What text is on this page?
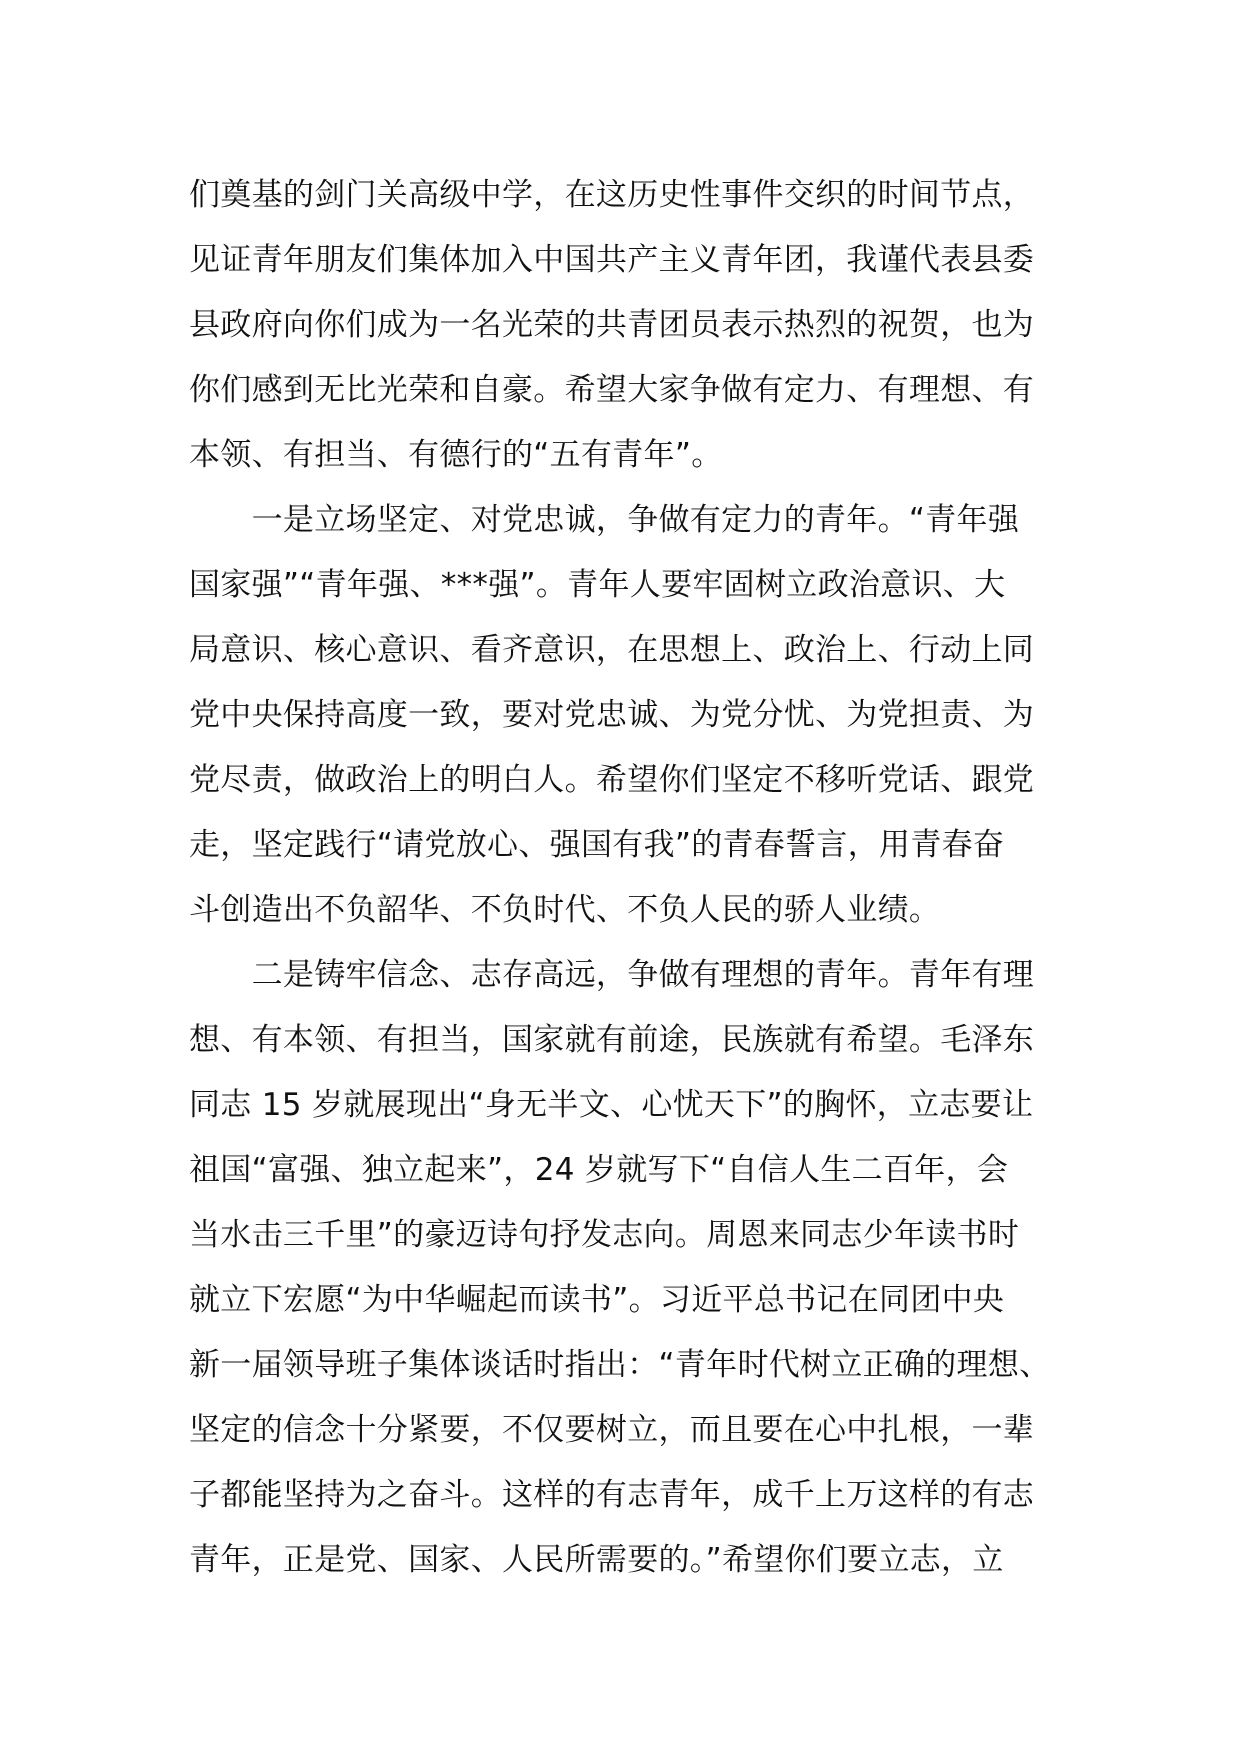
们奠基的剑门关高级中学，在这历史性事件交织的时间节点，
见证青年朋友们集体加入中国共产主义青年团，我谨代表县委
县政府向你们成为一名光荣的共青团员表示热烈的祝贺，也为
你们感到无比光荣和自豪。希望大家争做有定力、有理想、有
本领、有担当、有德行的“五有青年”。
　　一是立场坚定、对党忠诚，争做有定力的青年。“青年强
国家强”“青年强、***强”。青年人要牢固树立政治意识、大
局意识、核心意识、看齐意识，在思想上、政治上、行动上同
党中央保持高度一致，要对党忠诚、为党分忧、为党担责、为
党尽责，做政治上的明白人。希望你们坚定不移听党话、跟党
走，坚定践行“请党放心、强国有我”的青春誓言，用青春奋
斗创造出不负韶华、不负时代、不负人民的骄人业绩。
　　二是铸牢信念、志存高远，争做有理想的青年。青年有理
想、有本领、有担当，国家就有前途，民族就有希望。毛泽东
同志 15 岁就展现出“身无半文、心忧天下”的胸怀，立志要让
祖国“富强、独立起来”，24 岁就写下“自信人生二百年，会
当水击三千里”的豪迈诗句抒发志向。周恩来同志少年读书时
就立下宏愿“为中华崛起而读书”。习近平总书记在同团中央
新一届领导班子集体谈话时指出：“青年时代树立正确的理想、
坚定的信念十分紧要，不仅要树立，而且要在心中扎根，一辈
子都能坚持为之奋斗。这样的有志青年，成千上万这样的有志
青年，正是党、国家、人民所需要的。”希望你们要立志，立
